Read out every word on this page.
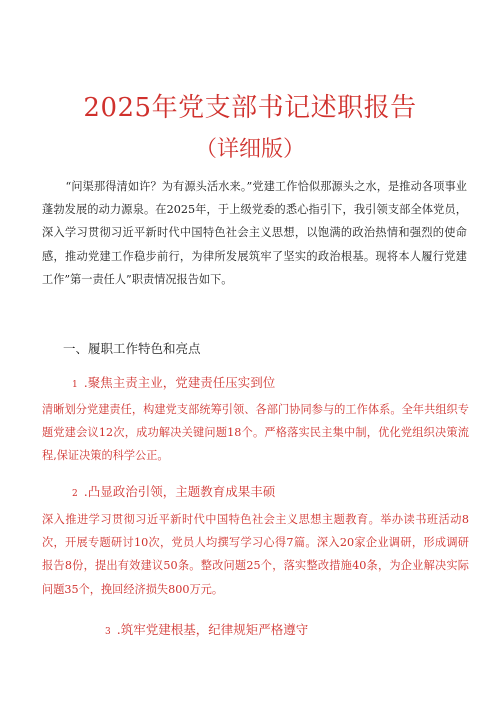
2025年党支部书记述职报告
（详细版）

“问渠那得清如许？为有源头活水来。”党建工作恰似那源头之水，是推动各项事业蓬勃发展的动力源泉。在2025年，于上级党委的悉心指引下，我引领支部全体党员，深入学习贯彻习近平新时代中国特色社会主义思想，以饱满的政治热情和强烈的使命感，推动党建工作稳步前行，为律所发展筑牢了坚实的政治根基。现将本人履行党建工作”第一责任人”职责情况报告如下。

一、履职工作特色和亮点

1 .聚焦主责主业，党建责任压实到位

清晰划分党建责任，构建党支部统筹引领、各部门协同参与的工作体系。全年共组织专题党建会议12次，成功解决关键问题18个。严格落实民主集中制，优化党组织决策流程,保证决策的科学公正。

2 .凸显政治引领，主题教育成果丰硕

深入推进学习贯彻习近平新时代中国特色社会主义思想主题教育。举办读书班活动8次，开展专题研讨10次，党员人均撰写学习心得7篇。深入20家企业调研，形成调研报告8份，提出有效建议50条。整改问题25个，落实整改措施40条，为企业解决实际问题35个，挽回经济损失800万元。

3 .筑牢党建根基，纪律规矩严格遵守
